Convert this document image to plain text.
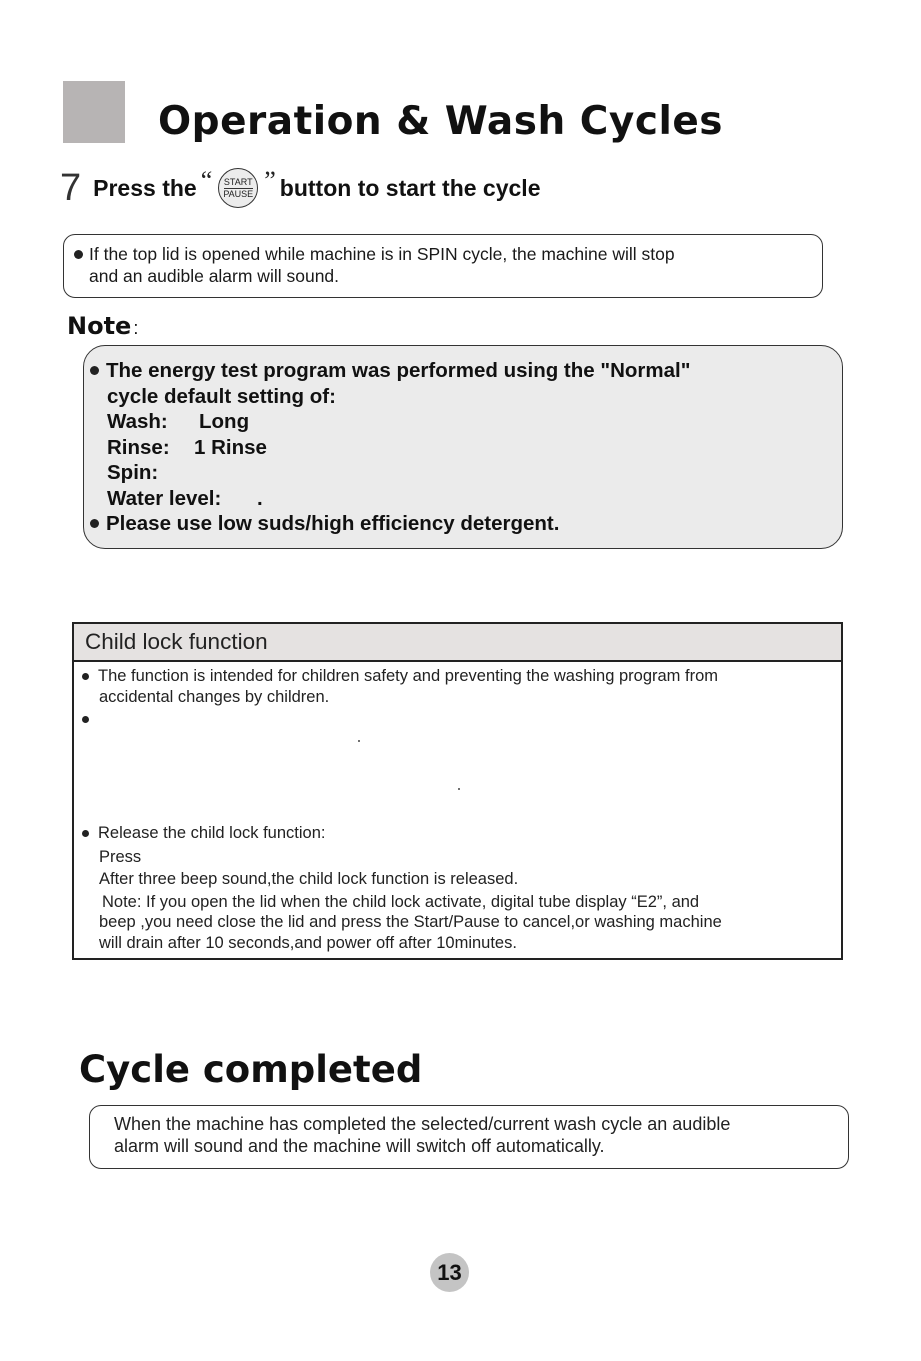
Operation & Wash Cycles
7 Press the “ START
PAUSE ” button to start the cycle
If the top lid is opened while machine is in SPIN cycle, the machine will stop
and an audible alarm will sound.
Note :
The energy test program was performed using the "Normal"
cycle default setting of:
Wash:	Long
Rinse:	1 Rinse
Spin:
Water level:	.
Please use low suds/high efficiency detergent.
Child lock function
The function is intended for children safety and preventing the washing program from
accidental changes by children.
Release the child lock function:
Press
After three beep sound,the child lock function is released.
Note: If you open the lid when the child lock activate, digital tube display “E2”, and
beep ,you need close the lid and press the Start/Pause to cancel,or washing machine
will drain after 10 seconds,and power off after 10minutes.
Cycle completed
When the machine has completed the selected/current wash cycle an audible
alarm will sound and the machine will switch off automatically.
13
